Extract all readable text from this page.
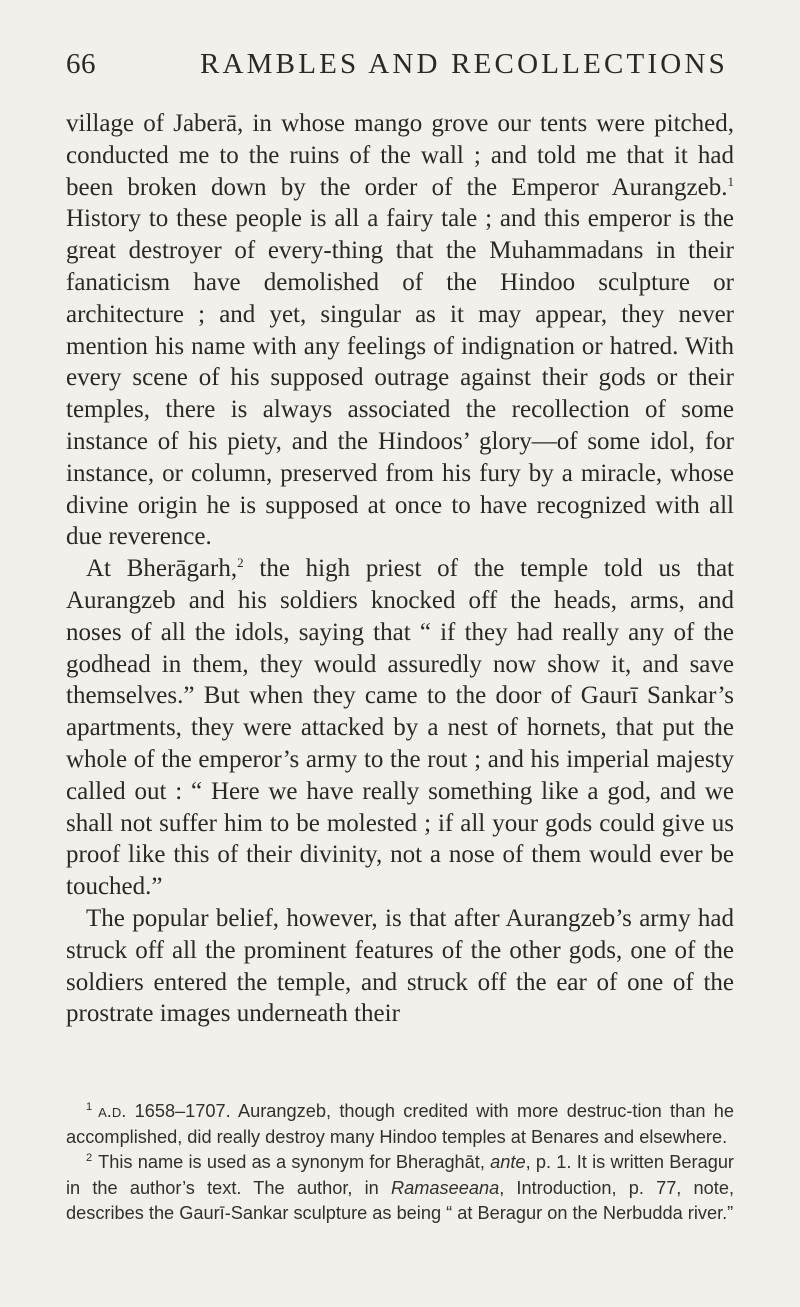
66	RAMBLES AND RECOLLECTIONS

village of Jaberā, in whose mango grove our tents were pitched, conducted me to the ruins of the wall ; and told me that it had been broken down by the order of the Emperor Aurangzeb.$^1$ History to these people is all a fairy tale ; and this emperor is the great destroyer of every-thing that the Muhammadans in their fanaticism have demolished of the Hindoo sculpture or architecture ; and yet, singular as it may appear, they never mention his name with any feelings of indignation or hatred. With every scene of his supposed outrage against their gods or their temples, there is always associated the recollection of some instance of his piety, and the Hindoos’ glory—of some idol, for instance, or column, preserved from his fury by a miracle, whose divine origin he is supposed at once to have recognized with all due reverence.

At Bherāgarh,$^2$ the high priest of the temple told us that Aurangzeb and his soldiers knocked off the heads, arms, and noses of all the idols, saying that “ if they had really any of the godhead in them, they would assuredly now show it, and save themselves.” But when they came to the door of Gaurī Sankar’s apartments, they were attacked by a nest of hornets, that put the whole of the emperor’s army to the rout ; and his imperial majesty called out : “ Here we have really something like a god, and we shall not suffer him to be molested ; if all your gods could give us proof like this of their divinity, not a nose of them would ever be touched.”

The popular belief, however, is that after Aurangzeb’s army had struck off all the prominent features of the other gods, one of the soldiers entered the temple, and struck off the ear of one of the prostrate images underneath their

$^1$ a.d. 1658–1707. Aurangzeb, though credited with more destruc-tion than he accomplished, did really destroy many Hindoo temples at Benares and elsewhere.

$^2$ This name is used as a synonym for Bheraghāt, ante, p. 1. It is written Beragur in the author’s text. The author, in Ramaseeana, Introduction, p. 77, note, describes the Gaurī-Sankar sculpture as being “ at Beragur on the Nerbudda river.”
